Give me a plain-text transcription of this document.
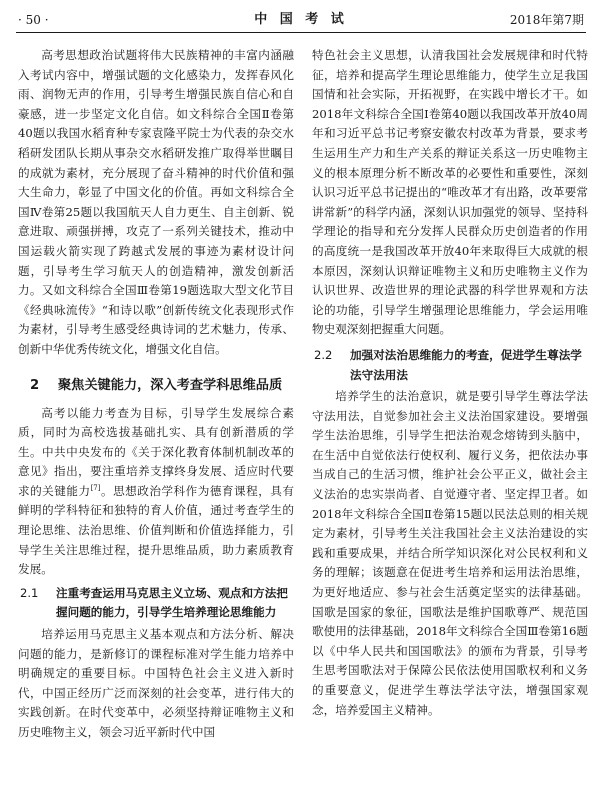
· 50 ·	中 国 考 试	2018年第7期

高考思想政治试题将伟大民族精神的丰富内涵融入考试内容中，增强试题的文化感染力，发挥春风化雨、润物无声的作用，引导考生增强民族自信心和自豪感，进一步坚定文化自信。如文科综合全国Ⅱ卷第40题以我国水稻育种专家袁隆平院士为代表的杂交水稻研发团队长期从事杂交水稻研发推广取得举世瞩目的成就为素材，充分展现了奋斗精神的时代价值和强大生命力，彰显了中国文化的价值。再如文科综合全国Ⅳ卷第25题以我国航天人自力更生、自主创新、锐意进取、顽强拼搏，攻克了一系列关键技术，推动中国运载火箭实现了跨越式发展的事迹为素材设计问题，引导考生学习航天人的创造精神，激发创新活力。又如文科综合全国Ⅲ卷第19题选取大型文化节目《经典咏流传》“和诗以歌”创新传统文化表现形式作为素材，引导考生感受经典诗词的艺术魅力，传承、创新中华优秀传统文化，增强文化自信。

2 聚焦关键能力，深入考查学科思维品质

高考以能力考查为目标，引导学生发展综合素质，同时为高校选拔基础扎实、具有创新潜质的学生。中共中央发布的《关于深化教育体制机制改革的意见》指出，要注重培养支撑终身发展、适应时代要求的关键能力[7]。思想政治学科作为德育课程，具有鲜明的学科特征和独特的育人价值，通过考查学生的理论思维、法治思维、价值判断和价值选择能力，引导学生关注思维过程，提升思维品质，助力素质教育发展。

2.1	注重考查运用马克思主义立场、观点和方法把握问题的能力，引导学生培养理论思维能力

培养运用马克思主义基本观点和方法分析、解决问题的能力，是新修订的课程标准对学生能力培养中明确规定的重要目标。中国特色社会主义进入新时代，中国正经历广泛而深刻的社会变革，进行伟大的实践创新。在时代变革中，必须坚持辩证唯物主义和历史唯物主义，领会习近平新时代中国

特色社会主义思想，认清我国社会发展规律和时代特征，培养和提高学生理论思维能力，使学生立足我国国情和社会实际，开拓视野，在实践中增长才干。如2018年文科综合全国Ⅰ卷第40题以我国改革开放40周年和习近平总书记考察安徽农村改革为背景，要求考生运用生产力和生产关系的辩证关系这一历史唯物主义的根本原理分析不断改革的必要性和重要性，深刻认识习近平总书记提出的“唯改革才有出路，改革要常讲常新”的科学内涵，深刻认识加强党的领导、坚持科学理论的指导和充分发挥人民群众历史创造者的作用的高度统一是我国改革开放40年来取得巨大成就的根本原因，深刻认识辩证唯物主义和历史唯物主义作为认识世界、改造世界的理论武器的科学世界观和方法论的功能，引导学生增强理论思维能力，学会运用唯物史观深刻把握重大问题。

2.2	加强对法治思维能力的考查，促进学生尊法学法守法用法

培养学生的法治意识，就是要引导学生尊法学法守法用法，自觉参加社会主义法治国家建设。要增强学生法治思维，引导学生把法治观念熔铸到头脑中，在生活中自觉依法行使权利、履行义务，把依法办事当成自己的生活习惯，维护社会公平正义，做社会主义法治的忠实崇尚者、自觉遵守者、坚定捍卫者。如2018年文科综合全国Ⅱ卷第15题以民法总则的相关规定为素材，引导考生关注我国社会主义法治建设的实践和重要成果，并结合所学知识深化对公民权利和义务的理解；该题意在促进考生培养和运用法治思维，为更好地适应、参与社会生活奠定坚实的法律基础。国歌是国家的象征，国歌法是维护国歌尊严、规范国歌使用的法律基础，2018年文科综合全国Ⅲ卷第16题以《中华人民共和国国歌法》的颁布为背景，引导考生思考国歌法对于保障公民依法使用国歌权利和义务的重要意义，促进学生尊法学法守法，增强国家观念，培养爱国主义精神。
